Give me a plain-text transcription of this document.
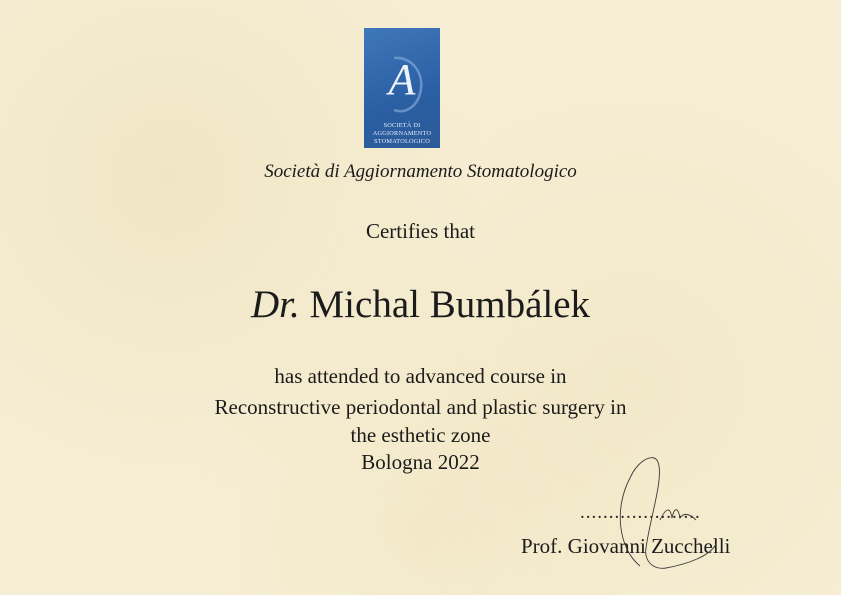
A
SOCIETÀ DI
AGGIORNAMENTO
STOMATOLOGICO
Società di Aggiornamento Stomatologico
Certifies that
Dr. Michal Bumbálek
has attended to advanced course in
Reconstructive periodontal and plastic surgery in
the esthetic zone
Bologna 2022
.....................
Prof. Giovanni Zucchelli
